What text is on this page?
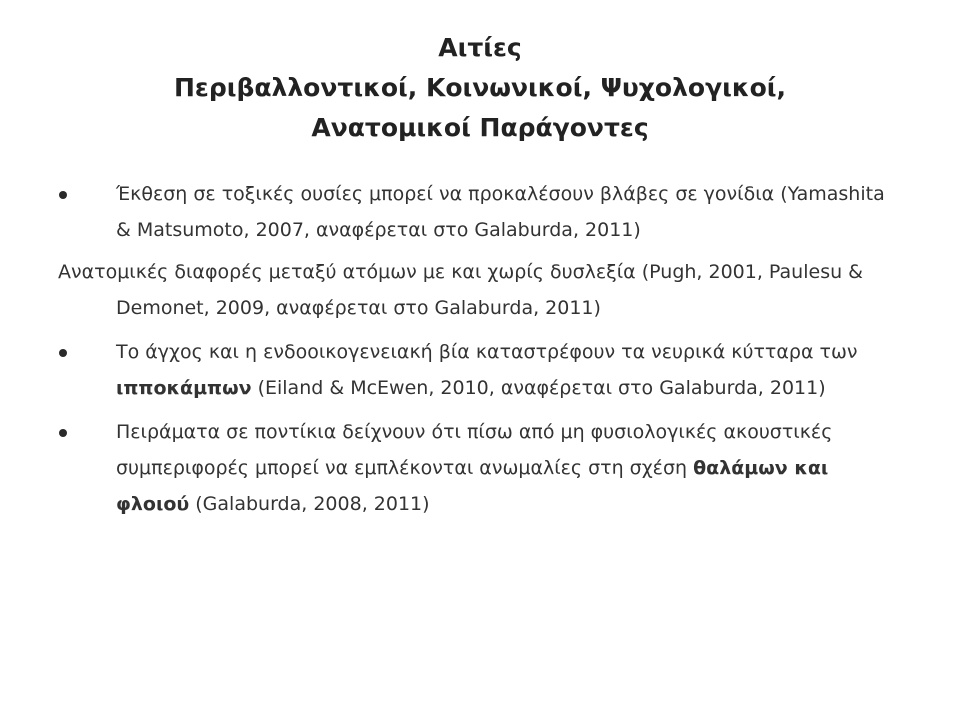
Αιτίες
Περιβαλλοντικοί, Κοινωνικοί, Ψυχολογικοί,
Ανατομικοί Παράγοντες

Έκθεση σε τοξικές ουσίες μπορεί να προκαλέσουν βλάβες σε γονίδια (Yamashita & Matsumoto, 2007, αναφέρεται στο Galaburda, 2011)

Ανατομικές διαφορές μεταξύ ατόμων με και χωρίς δυσλεξία (Pugh, 2001, Paulesu & Demonet, 2009, αναφέρεται στο Galaburda, 2011)

Το άγχος και η ενδοοικογενειακή βία καταστρέφουν τα νευρικά κύτταρα των ιπποκάμπων (Eiland & McEwen, 2010, αναφέρεται στο Galaburda, 2011)

Πειράματα σε ποντίκια δείχνουν ότι πίσω από μη φυσιολογικές ακουστικές συμπεριφορές μπορεί να εμπλέκονται ανωμαλίες στη σχέση θαλάμων και φλοιού (Galaburda, 2008, 2011)
